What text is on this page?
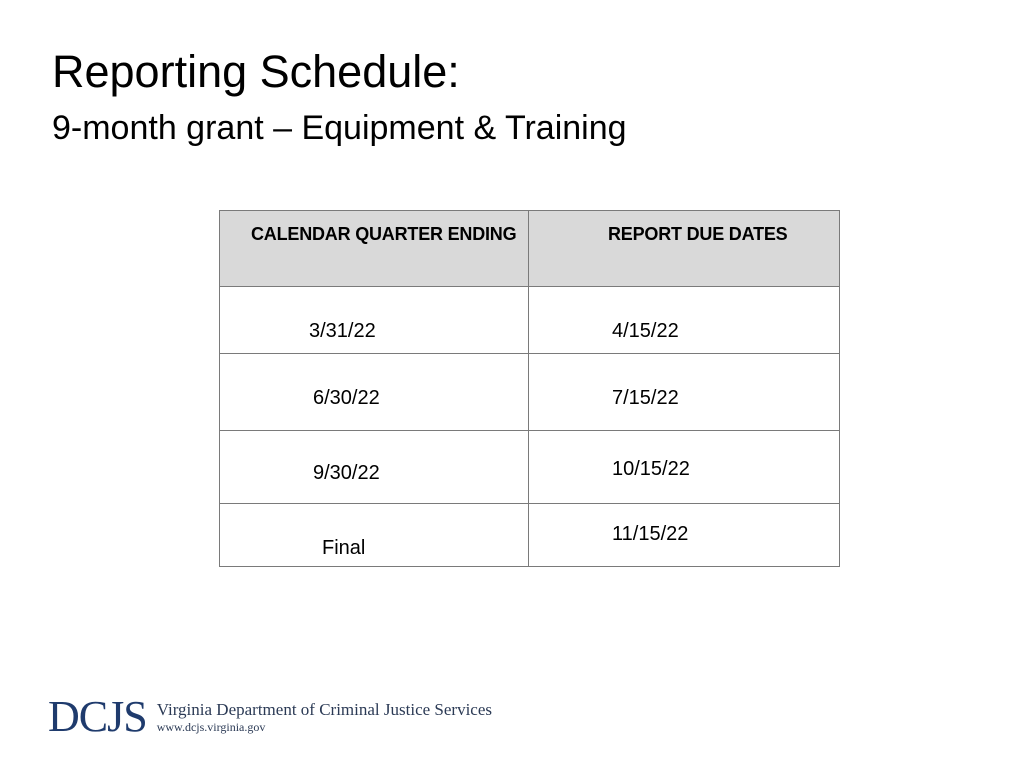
Reporting Schedule:
9-month grant – Equipment & Training
CALENDAR QUARTER ENDING	REPORT DUE DATES

3/31/22	4/15/22

6/30/22	7/15/22

9/30/22	10/15/22

Final	11/15/22
DCJS Virginia Department of Criminal Justice Services
www.dcjs.virginia.gov
